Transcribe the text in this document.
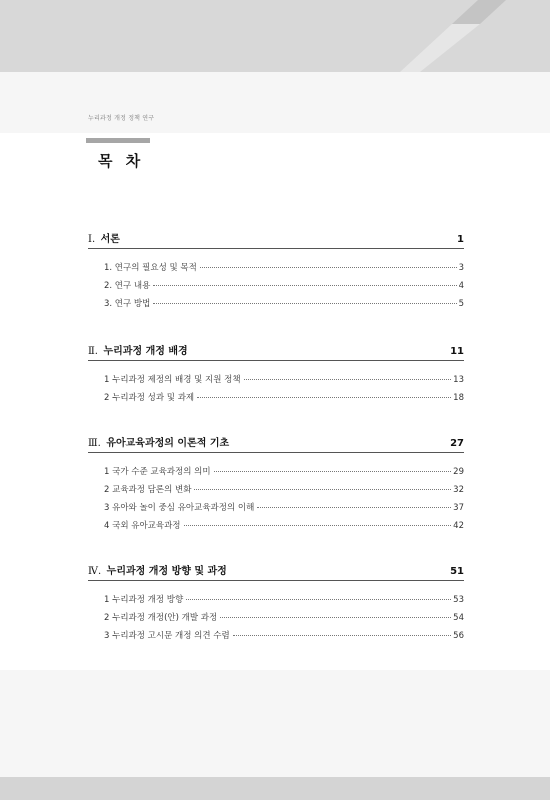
누리과정 개정 정책 연구
목 차
Ⅰ. 서론	1
1. 연구의 필요성 및 목적	3
2. 연구 내용	4
3. 연구 방법	5
Ⅱ. 누리과정 개정 배경	11
1 누리과정 제정의 배경 및 지원 정책	13
2 누리과정 성과 및 과제	18
Ⅲ. 유아교육과정의 이론적 기초	27
1 국가 수준 교육과정의 의미	29
2 교육과정 담론의 변화	32
3 유아와 놀이 중심 유아교육과정의 이해	37
4 국외 유아교육과정	42
Ⅳ. 누리과정 개정 방향 및 과정	51
1 누리과정 개정 방향	53
2 누리과정 개정(안) 개발 과정	54
3 누리과정 고시문 개정 의견 수렴	56
